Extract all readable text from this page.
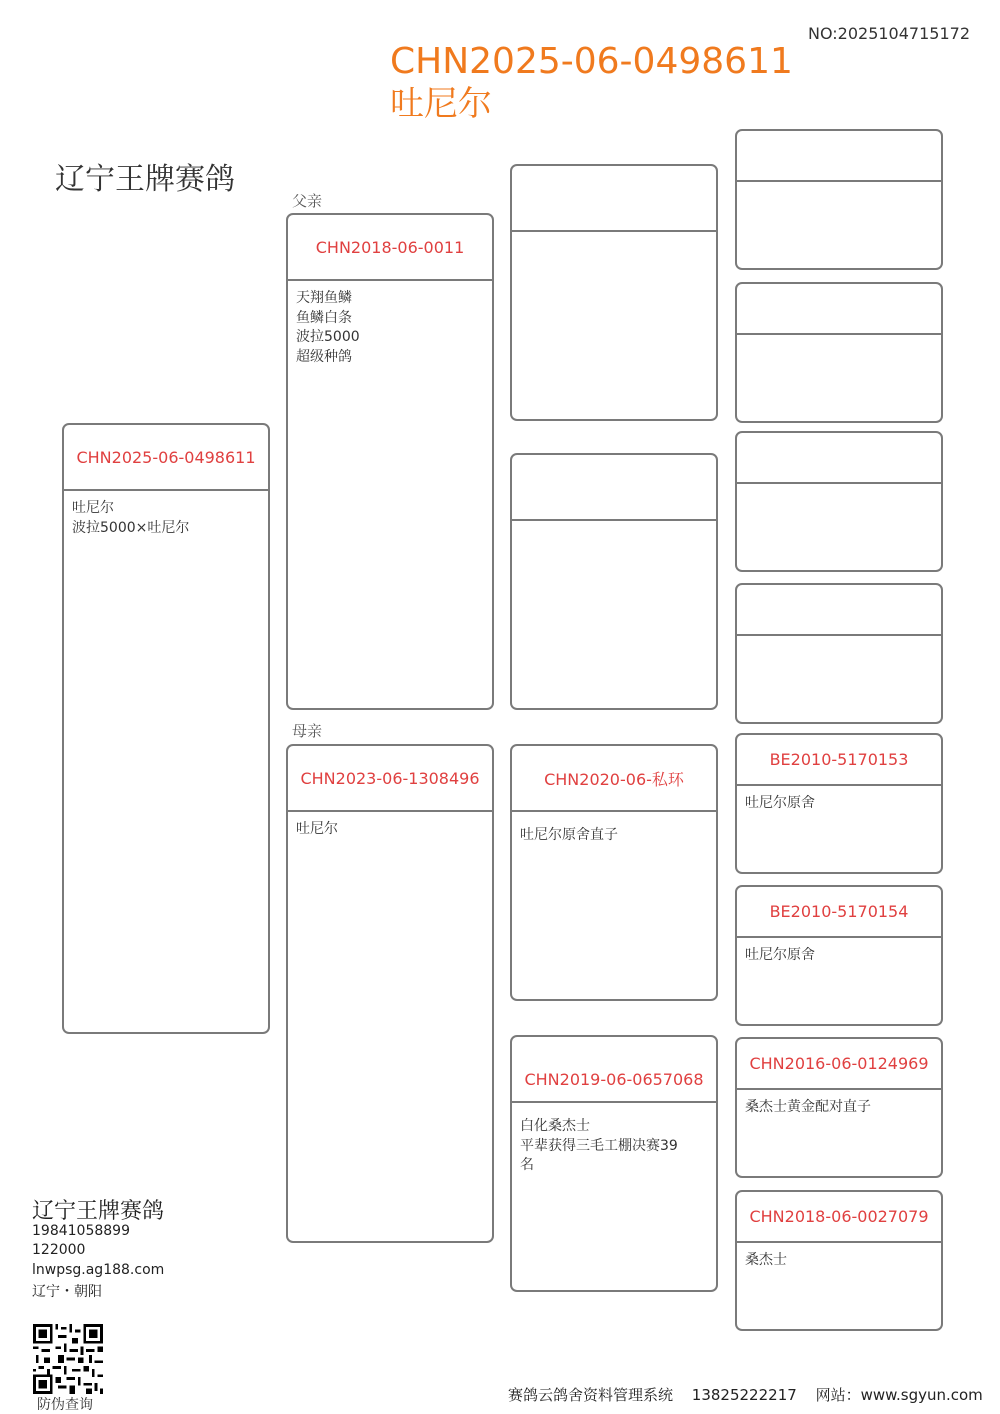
NO:2025104715172
CHN2025-06-0498611
吐尼尔
辽宁王牌赛鸽
父亲
母亲
CHN2025-06-0498611
吐尼尔
波拉5000×吐尼尔
CHN2018-06-0011
天翔鱼鳞
鱼鳞白条
波拉5000
超级种鸽
CHN2023-06-1308496
吐尼尔
CHN2020-06-私环
吐尼尔原舍直子
CHN2019-06-0657068
白化桑杰士
平辈获得三毛工棚决赛39
名
BE2010-5170153
吐尼尔原舍
BE2010-5170154
吐尼尔原舍
CHN2016-06-0124969
桑杰士黄金配对直子
CHN2018-06-0027079
桑杰士
辽宁王牌赛鸽
19841058899
122000
lnwpsg.ag188.com
辽宁・朝阳
防伪查询
赛鸽云鸽舍资料管理系统 13825222217 网站：www.sgyun.com
